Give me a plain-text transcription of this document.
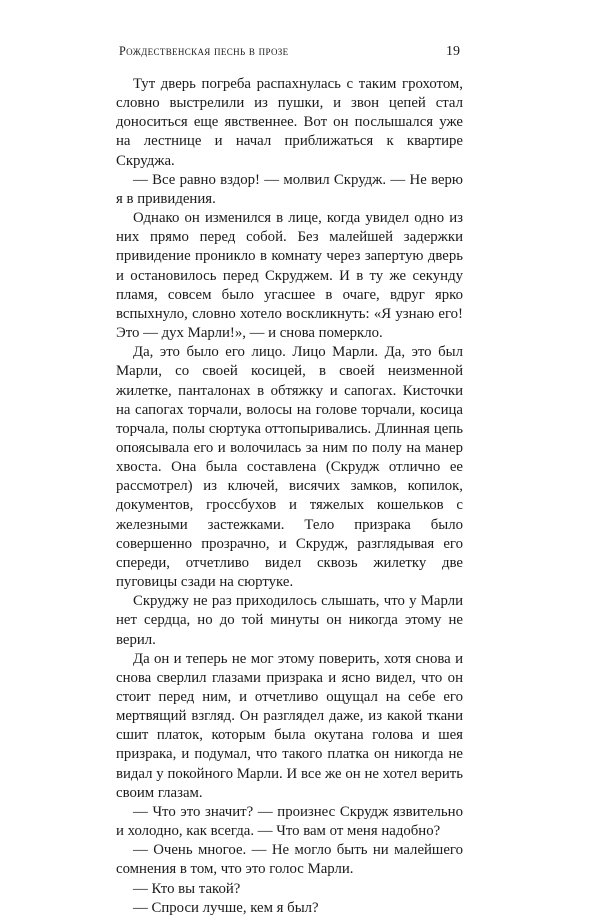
Рождественская песнь в прозе	19

Тут дверь погреба распахнулась с таким грохотом, словно выстрелили из пушки, и звон цепей стал доноситься еще явственнее. Вот он послышался уже на лестнице и начал приближаться к квартире Скруджа.

— Все равно вздор! — молвил Скрудж. — Не верю я в привидения.

Однако он изменился в лице, когда увидел одно из них прямо перед собой. Без малейшей задержки привидение проникло в комнату через запертую дверь и остановилось перед Скруджем. И в ту же секунду пламя, совсем было угасшее в очаге, вдруг ярко вспыхнуло, словно хотело воскликнуть: «Я узнаю его! Это — дух Марли!», — и снова померкло.

Да, это было его лицо. Лицо Марли. Да, это был Марли, со своей косицей, в своей неизменной жилетке, панталонах в обтяжку и сапогах. Кисточки на сапогах торчали, волосы на голове торчали, косица торчала, полы сюртука оттопыривались. Длинная цепь опоясывала его и волочилась за ним по полу на манер хвоста. Она была составлена (Скрудж отлично ее рассмотрел) из ключей, висячих замков, копилок, документов, гроссбухов и тяжелых кошельков с железными застежками. Тело призрака было совершенно прозрачно, и Скрудж, разглядывая его спереди, отчетливо видел сквозь жилетку две пуговицы сзади на сюртуке.

Скруджу не раз приходилось слышать, что у Марли нет сердца, но до той минуты он никогда этому не верил.

Да он и теперь не мог этому поверить, хотя снова и снова сверлил глазами призрака и ясно видел, что он стоит перед ним, и отчетливо ощущал на себе его мертвящий взгляд. Он разглядел даже, из какой ткани сшит платок, которым была окутана голова и шея призрака, и подумал, что такого платка он никогда не видал у покойного Марли. И все же он не хотел верить своим глазам.

— Что это значит? — произнес Скрудж язвительно и холодно, как всегда. — Что вам от меня надобно?

— Очень многое. — Не могло быть ни малейшего сомнения в том, что это голос Марли.

— Кто вы такой?

— Спроси лучше, кем я был?
